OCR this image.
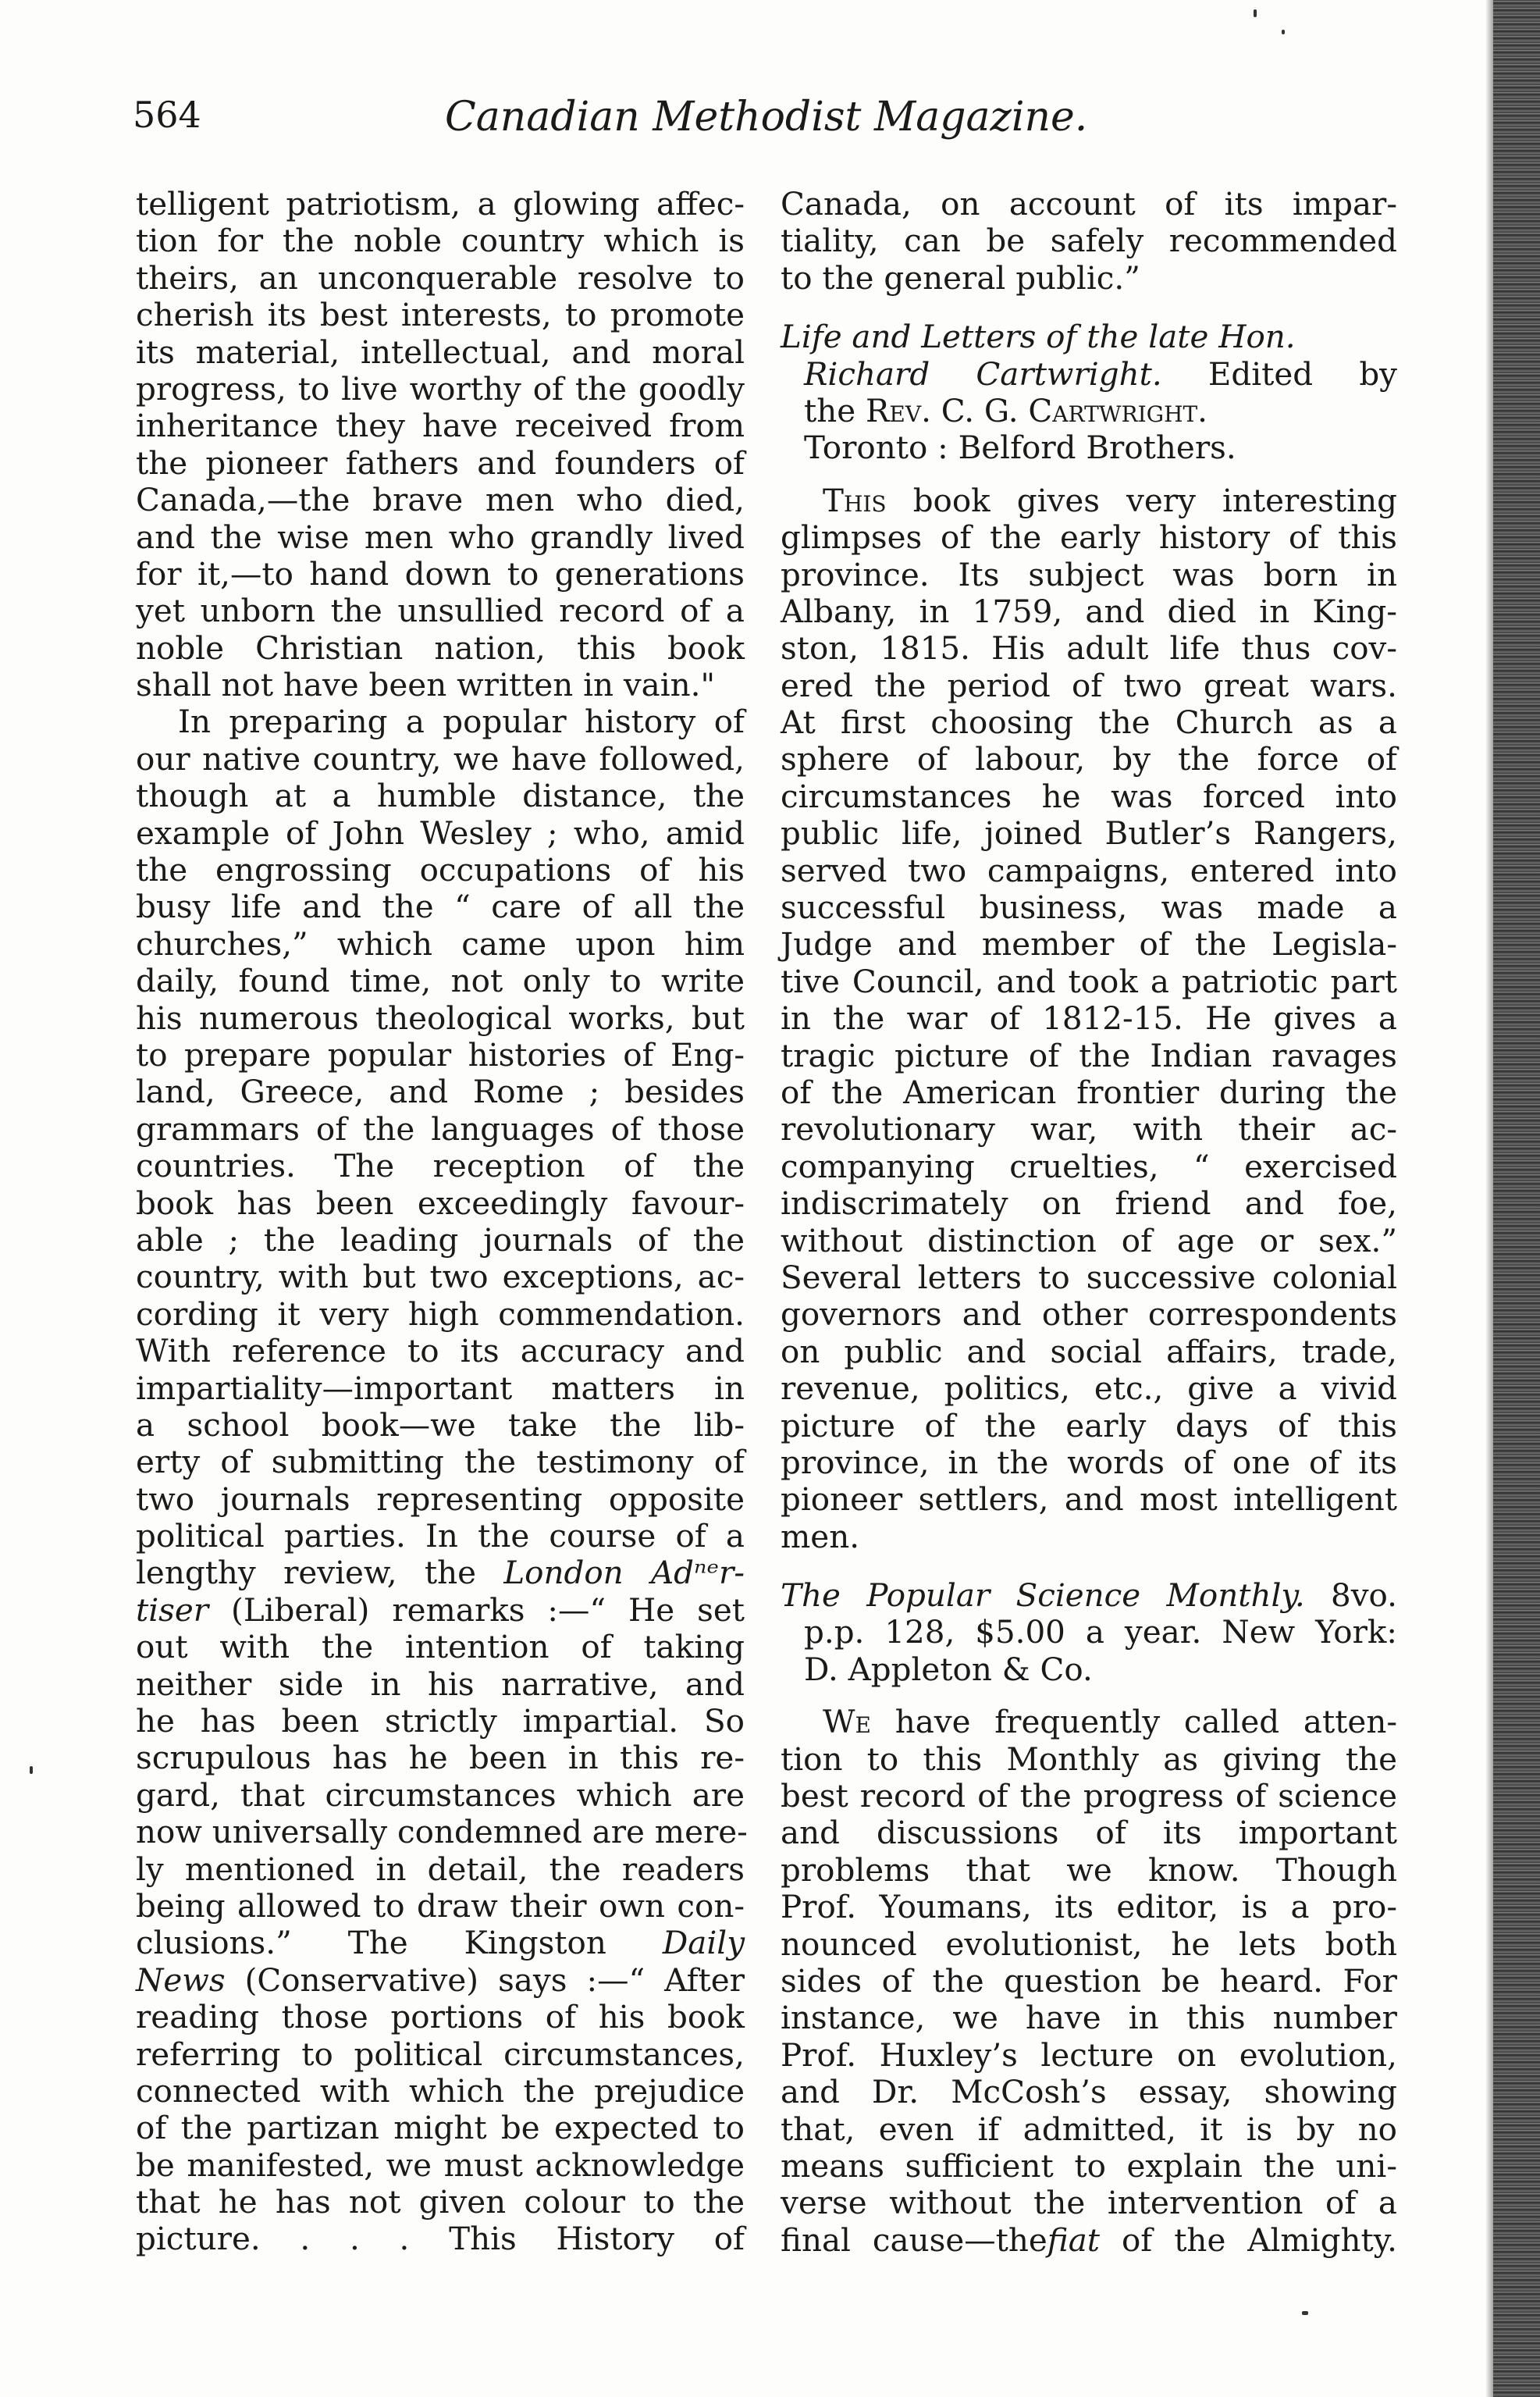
564	Canadian Methodist Magazine.
telligent patriotism, a glowing affec-
tion for the noble country which is
theirs, an unconquerable resolve to
cherish its best interests, to promote
its material, intellectual, and moral
progress, to live worthy of the goodly
inheritance they have received from
the pioneer fathers and founders of
Canada,—the brave men who died,
and the wise men who grandly lived
for it,—to hand down to generations
yet unborn the unsullied record of a
noble Christian nation, this book
shall not have been written in vain."
In preparing a popular history of
our native country, we have followed,
though at a humble distance, the
example of John Wesley ; who, amid
the engrossing occupations of his
busy life and the “ care of all the
churches,” which came upon him
daily, found time, not only to write
his numerous theological works, but
to prepare popular histories of Eng-
land, Greece, and Rome ; besides
grammars of the languages of those
countries. The reception of the
book has been exceedingly favour-
able ; the leading journals of the
country, with but two exceptions, ac-
cording it very high commendation.
With reference to its accuracy and
impartiality—important matters in
a school book—we take the lib-
erty of submitting the testimony of
two journals representing opposite
political parties. In the course of a
lengthy review, the London Adⁿᵉr-
tiser (Liberal) remarks :—“ He set
out with the intention of taking
neither side in his narrative, and
he has been strictly impartial. So
scrupulous has he been in this re-
gard, that circumstances which are
now universally condemned are mere-
ly mentioned in detail, the readers
being allowed to draw their own con-
clusions.” The Kingston Daily
News (Conservative) says :—“ After
reading those portions of his book
referring to political circumstances,
connected with which the prejudice
of the partizan might be expected to
be manifested, we must acknowledge
that he has not given colour to the
picture. . . . This History of
Canada, on account of its impar-
tiality, can be safely recommended
to the general public.”
Life and Letters of the late Hon.
Richard Cartwright. Edited by
the Rev. C. G. Cartwright.
Toronto : Belford Brothers.
This book gives very interesting
glimpses of the early history of this
province. Its subject was born in
Albany, in 1759, and died in King-
ston, 1815. His adult life thus cov-
ered the period of two great wars.
At first choosing the Church as a
sphere of labour, by the force of
circumstances he was forced into
public life, joined Butler’s Rangers,
served two campaigns, entered into
successful business, was made a
Judge and member of the Legisla-
tive Council, and took a patriotic part
in the war of 1812-15. He gives a
tragic picture of the Indian ravages
of the American frontier during the
revolutionary war, with their ac-
companying cruelties, “ exercised
indiscrimately on friend and foe,
without distinction of age or sex.”
Several letters to successive colonial
governors and other correspondents
on public and social affairs, trade,
revenue, politics, etc., give a vivid
picture of the early days of this
province, in the words of one of its
pioneer settlers, and most intelligent
men.
The Popular Science Monthly. 8vo.
p.p. 128, $5.00 a year. New York:
D. Appleton & Co.
We have frequently called atten-
tion to this Monthly as giving the
best record of the progress of science
and discussions of its important
problems that we know. Though
Prof. Youmans, its editor, is a pro-
nounced evolutionist, he lets both
sides of the question be heard. For
instance, we have in this number
Prof. Huxley’s lecture on evolution,
and Dr. McCosh’s essay, showing
that, even if admitted, it is by no
means sufficient to explain the uni-
verse without the intervention of a
final cause—thefiat of the Almighty.
